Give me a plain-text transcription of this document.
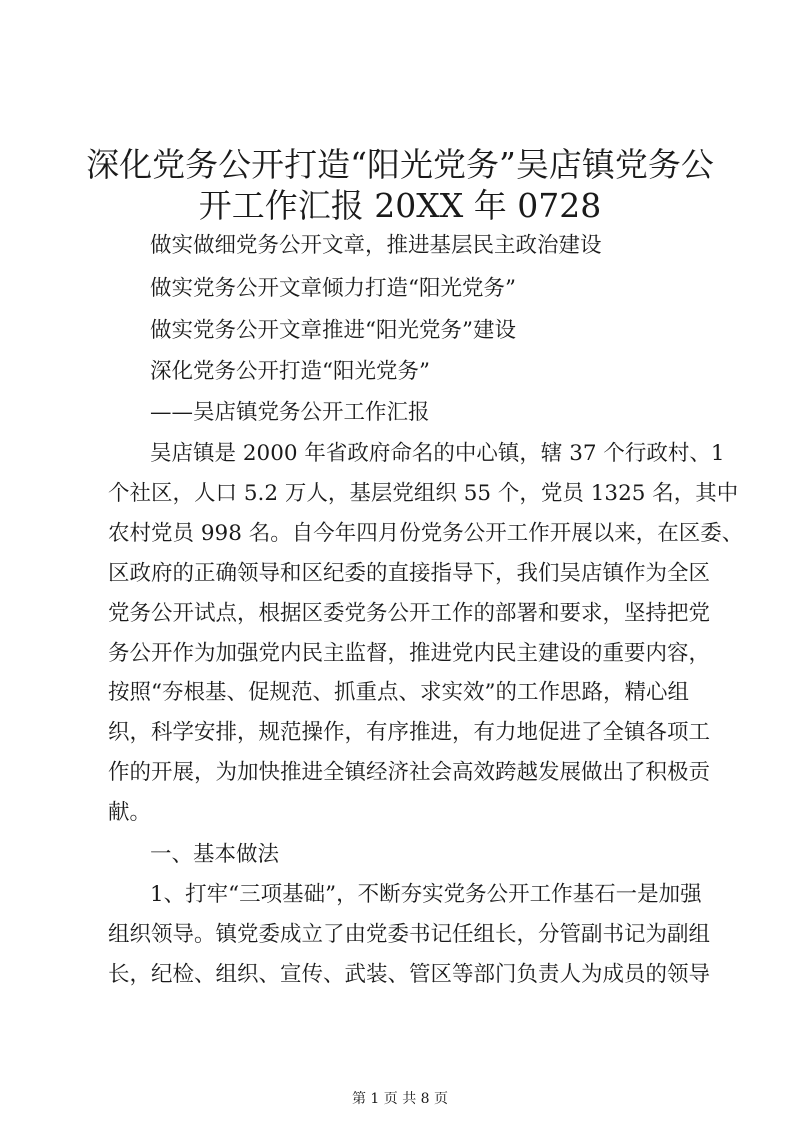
深化党务公开打造“阳光党务”吴店镇党务公
开工作汇报 20XX 年 0728
做实做细党务公开文章，推进基层民主政治建设
做实党务公开文章倾力打造“阳光党务”
做实党务公开文章推进“阳光党务”建设
深化党务公开打造“阳光党务”
——吴店镇党务公开工作汇报
吴店镇是 2000 年省政府命名的中心镇，辖 37 个行政村、1
个社区，人口 5.2 万人，基层党组织 55 个，党员 1325 名，其中
农村党员 998 名。自今年四月份党务公开工作开展以来，在区委、
区政府的正确领导和区纪委的直接指导下，我们吴店镇作为全区
党务公开试点，根据区委党务公开工作的部署和要求，坚持把党
务公开作为加强党内民主监督，推进党内民主建设的重要内容，
按照“夯根基、促规范、抓重点、求实效”的工作思路，精心组
织，科学安排，规范操作，有序推进，有力地促进了全镇各项工
作的开展，为加快推进全镇经济社会高效跨越发展做出了积极贡
献。
一、基本做法
1、打牢“三项基础”，不断夯实党务公开工作基石一是加强
组织领导。镇党委成立了由党委书记任组长，分管副书记为副组
长，纪检、组织、宣传、武装、管区等部门负责人为成员的领导
第 1 页 共 8 页
